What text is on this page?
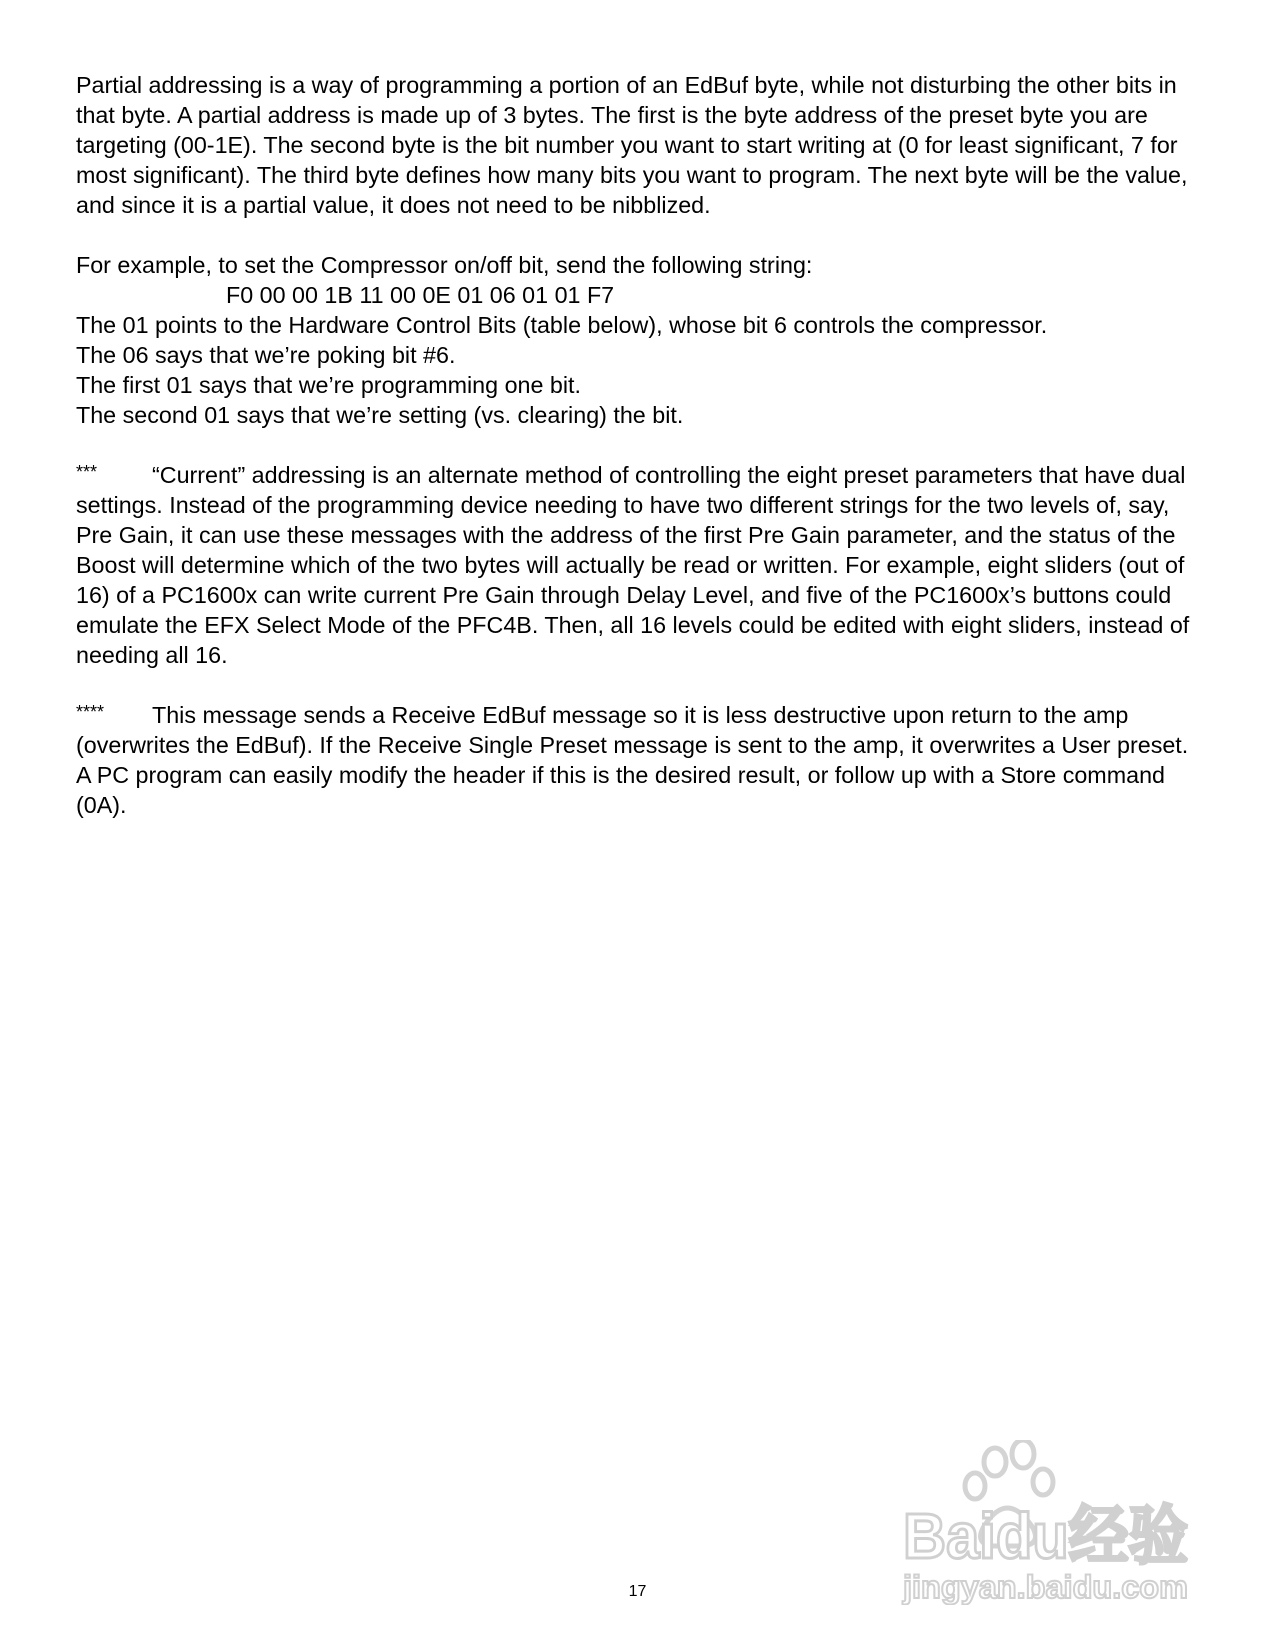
Partial addressing is a way of programming a portion of an EdBuf byte, while not disturbing the other bits in that byte. A partial address is made up of 3 bytes. The first is the byte address of the preset byte you are targeting (00-1E). The second byte is the bit number you want to start writing at (0 for least significant, 7 for most significant). The third byte defines how many bits you want to program. The next byte will be the value, and since it is a partial value, it does not need to be nibblized.

For example, to set the Compressor on/off bit, send the following string:

F0 00 00 1B 11 00 0E 01 06 01 01 F7

The 01 points to the Hardware Control Bits (table below), whose bit 6 controls the compressor.

The 06 says that we’re poking bit #6.

The first 01 says that we’re programming one bit.

The second 01 says that we’re setting (vs. clearing) the bit.

*** “Current” addressing is an alternate method of controlling the eight preset parameters that have dual settings. Instead of the programming device needing to have two different strings for the two levels of, say, Pre Gain, it can use these messages with the address of the first Pre Gain parameter, and the status of the Boost will determine which of the two bytes will actually be read or written. For example, eight sliders (out of 16) of a PC1600x can write current Pre Gain through Delay Level, and five of the PC1600x’s buttons could emulate the EFX Select Mode of the PFC4B. Then, all 16 levels could be edited with eight sliders, instead of needing all 16.

**** This message sends a Receive EdBuf message so it is less destructive upon return to the amp (overwrites the EdBuf). If the Receive Single Preset message is sent to the amp, it overwrites a User preset. A PC program can easily modify the header if this is the desired result, or follow up with a Store command (0A).

17
Baidu经验
jingyan.baidu.com
